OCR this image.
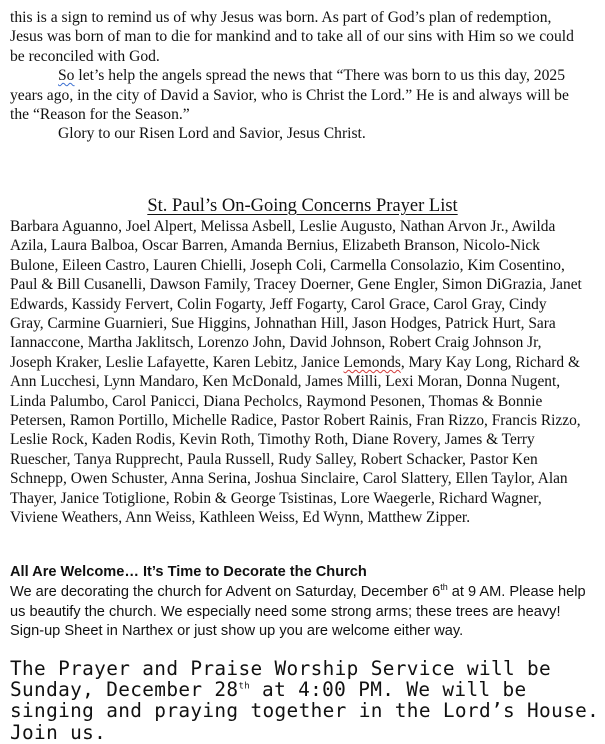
this is a sign to remind us of why Jesus was born. As part of God’s plan of redemption, Jesus was born of man to die for mankind and to take all of our sins with Him so we could be reconciled with God.

So let’s help the angels spread the news that “There was born to us this day, 2025 years ago, in the city of David a Savior, who is Christ the Lord.” He is and always will be the “Reason for the Season.”

Glory to our Risen Lord and Savior, Jesus Christ.

St. Paul’s On-Going Concerns Prayer List

Barbara Aguanno, Joel Alpert, Melissa Asbell, Leslie Augusto, Nathan Arvon Jr., Awilda Azila, Laura Balboa, Oscar Barren, Amanda Bernius, Elizabeth Branson, Nicolo-Nick Bulone, Eileen Castro, Lauren Chielli, Joseph Coli, Carmella Consolazio, Kim Cosentino, Paul & Bill Cusanelli, Dawson Family, Tracey Doerner, Gene Engler, Simon DiGrazia, Janet Edwards, Kassidy Fervert, Colin Fogarty, Jeff Fogarty, Carol Grace, Carol Gray, Cindy Gray, Carmine Guarnieri, Sue Higgins, Johnathan Hill, Jason Hodges, Patrick Hurt, Sara Iannaccone, Martha Jaklitsch, Lorenzo John, David Johnson, Robert Craig Johnson Jr, Joseph Kraker, Leslie Lafayette, Karen Lebitz, Janice Lemonds, Mary Kay Long, Richard & Ann Lucchesi, Lynn Mandaro, Ken McDonald, James Milli, Lexi Moran, Donna Nugent, Linda Palumbo, Carol Panicci, Diana Pecholcs, Raymond Pesonen, Thomas & Bonnie Petersen, Ramon Portillo, Michelle Radice, Pastor Robert Rainis, Fran Rizzo, Francis Rizzo, Leslie Rock, Kaden Rodis, Kevin Roth, Timothy Roth, Diane Rovery, James & Terry Ruescher, Tanya Rupprecht, Paula Russell, Rudy Salley, Robert Schacker, Pastor Ken Schnepp, Owen Schuster, Anna Serina, Joshua Sinclaire, Carol Slattery, Ellen Taylor, Alan Thayer, Janice Totiglione, Robin & George Tsistinas, Lore Waegerle, Richard Wagner, Viviene Weathers, Ann Weiss, Kathleen Weiss, Ed Wynn, Matthew Zipper.

All Are Welcome… It’s Time to Decorate the Church

We are decorating the church for Advent on Saturday, December 6th at 9 AM. Please help us beautify the church. We especially need some strong arms; these trees are heavy! Sign-up Sheet in Narthex or just show up you are welcome either way.

The Prayer and Praise Worship Service will be Sunday, December 28th at 4:00 PM. We will be singing and praying together in the Lord’s House. Join us.
